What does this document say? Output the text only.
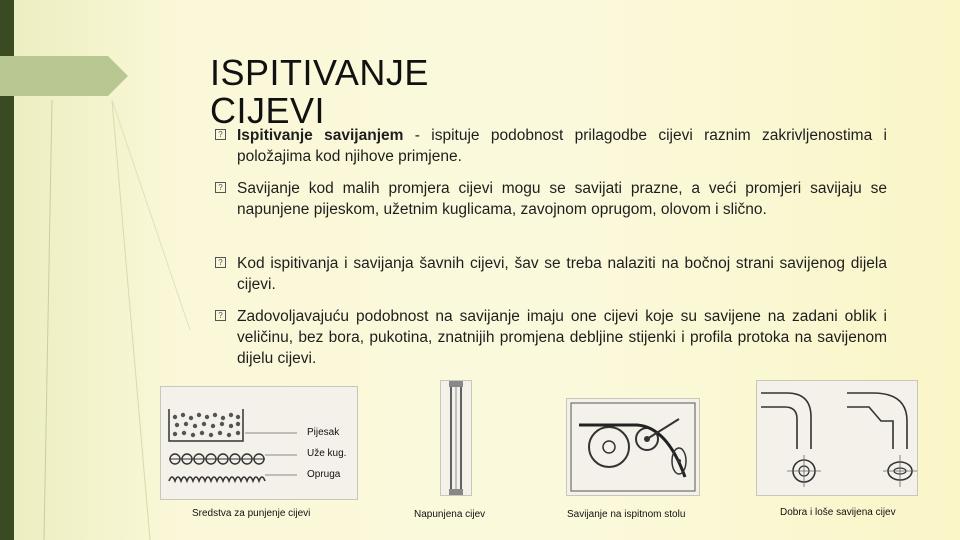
ISPITIVANJE
CIJEVI
? Ispitivanje savijanjem - ispituje podobnost prilagodbe cijevi raznim zakrivljenostima i položajima kod njihove primjene.
? Savijanje kod malih promjera cijevi mogu se savijati prazne, a veći promjeri savijaju se napunjene pijeskom, užetnim kuglicama, zavojnom oprugom, olovom i slično.
? Kod ispitivanja i savijanja šavnih cijevi, šav se treba nalaziti na bočnoj strani savijenog dijela cijevi.
? Zadovoljavajuću podobnost na savijanje imaju one cijevi koje su savijene na zadani oblik i veličinu, bez bora, pukotina, znatnijih promjena debljine stijenki i profila protoka na savijenom dijelu cijevi.
Pijesak
Uže kug.
Opruga
Sredstva za punjenje cijevi	Napunjena cijev	Savijanje na ispitnom stolu	Dobra i loše savijena cijev
